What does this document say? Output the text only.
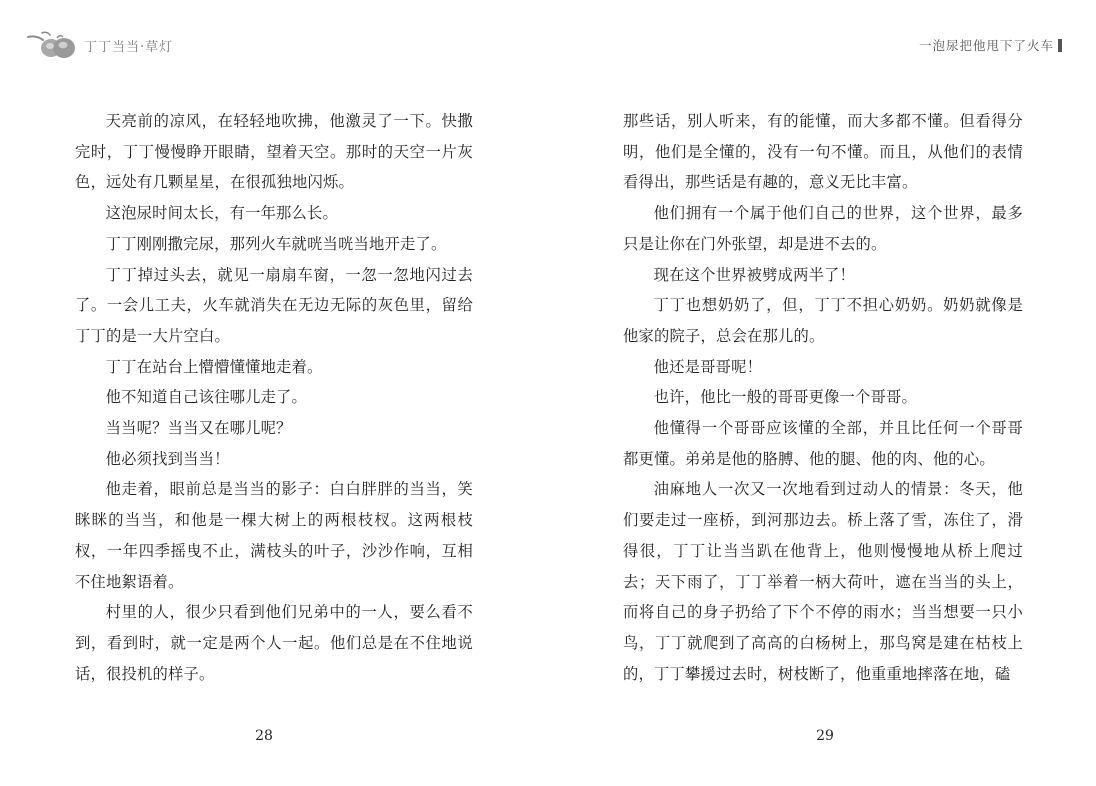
丁丁当当·草灯

天亮前的凉风，在轻轻地吹拂，他激灵了一下。快撒完时，丁丁慢慢睁开眼睛，望着天空。那时的天空一片灰色，远处有几颗星星，在很孤独地闪烁。

这泡尿时间太长，有一年那么长。

丁丁刚刚撒完尿，那列火车就咣当咣当地开走了。

丁丁掉过头去，就见一扇扇车窗，一忽一忽地闪过去了。一会儿工夫，火车就消失在无边无际的灰色里，留给丁丁的是一大片空白。

丁丁在站台上懵懵懂懂地走着。

他不知道自己该往哪儿走了。

当当呢？当当又在哪儿呢？

他必须找到当当！

他走着，眼前总是当当的影子：白白胖胖的当当，笑眯眯的当当，和他是一棵大树上的两根枝杈。这两根枝杈，一年四季摇曳不止，满枝头的叶子，沙沙作响，互相不住地絮语着。

村里的人，很少只看到他们兄弟中的一人，要么看不到，看到时，就一定是两个人一起。他们总是在不住地说话，很投机的样子。

28
一泡尿把他甩下了火车

那些话，别人听来，有的能懂，而大多都不懂。但看得分明，他们是全懂的，没有一句不懂。而且，从他们的表情看得出，那些话是有趣的，意义无比丰富。

他们拥有一个属于他们自己的世界，这个世界，最多只是让你在门外张望，却是进不去的。

现在这个世界被劈成两半了！

丁丁也想奶奶了，但，丁丁不担心奶奶。奶奶就像是他家的院子，总会在那儿的。

他还是哥哥呢！

也许，他比一般的哥哥更像一个哥哥。

他懂得一个哥哥应该懂的全部，并且比任何一个哥哥都更懂。弟弟是他的胳膊、他的腿、他的肉、他的心。

油麻地人一次又一次地看到过动人的情景：冬天，他们要走过一座桥，到河那边去。桥上落了雪，冻住了，滑得很，丁丁让当当趴在他背上，他则慢慢地从桥上爬过去；天下雨了，丁丁举着一柄大荷叶，遮在当当的头上，而将自己的身子扔给了下个不停的雨水；当当想要一只小鸟，丁丁就爬到了高高的白杨树上，那鸟窝是建在枯枝上的，丁丁攀援过去时，树枝断了，他重重地摔落在地，磕

29
